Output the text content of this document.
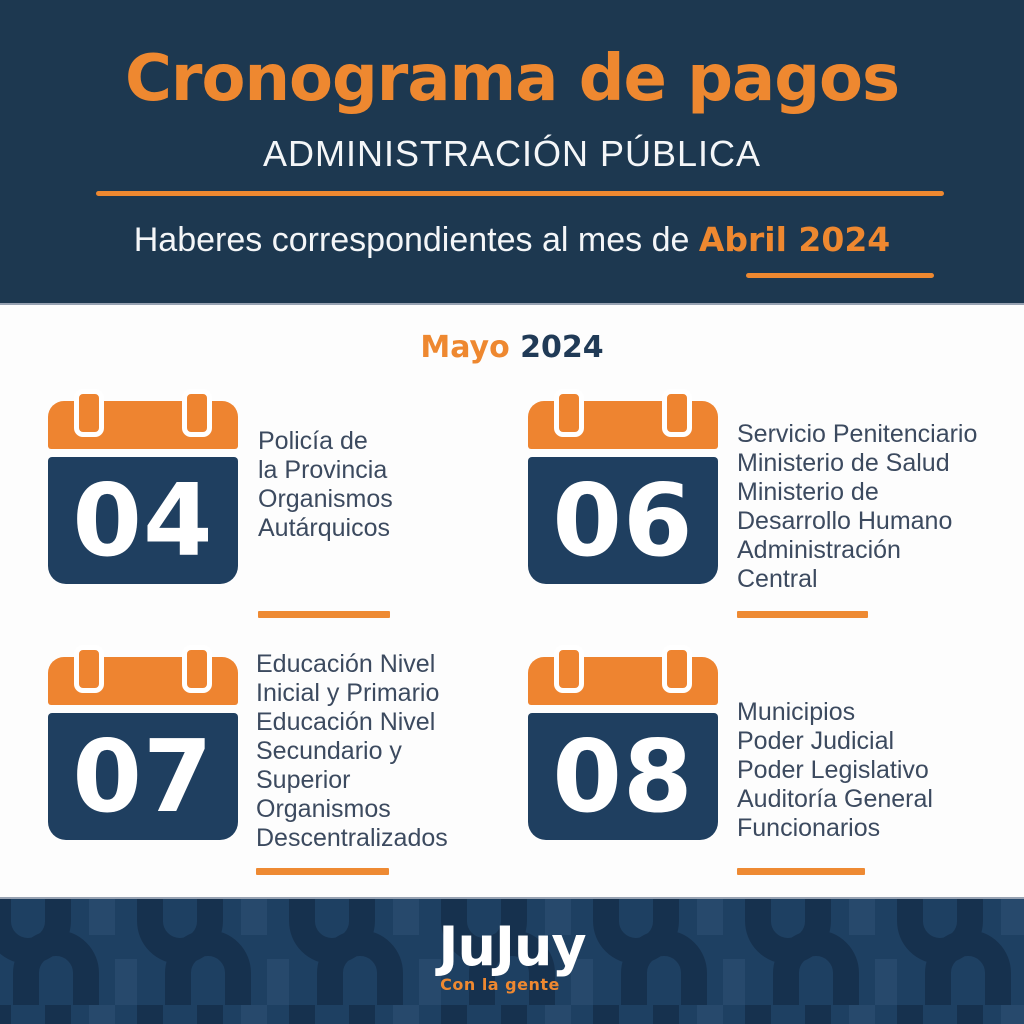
Cronograma de pagos
ADMINISTRACIÓN PÚBLICA

Haberes correspondientes al mes de Abril 2024

Mayo 2024
04
Policía de
la Provincia
Organismos
Autárquicos 06
Servicio Penitenciario
Ministerio de Salud
Ministerio de
Desarrollo Humano
Administración
Central
07
Educación Nivel
Inicial y Primario
Educación Nivel
Secundario y
Superior
Organismos
Descentralizados
08
Municipios
Poder Judicial
Poder Legislativo
Auditoría General
Funcionarios
JuJuy
Con la gente
